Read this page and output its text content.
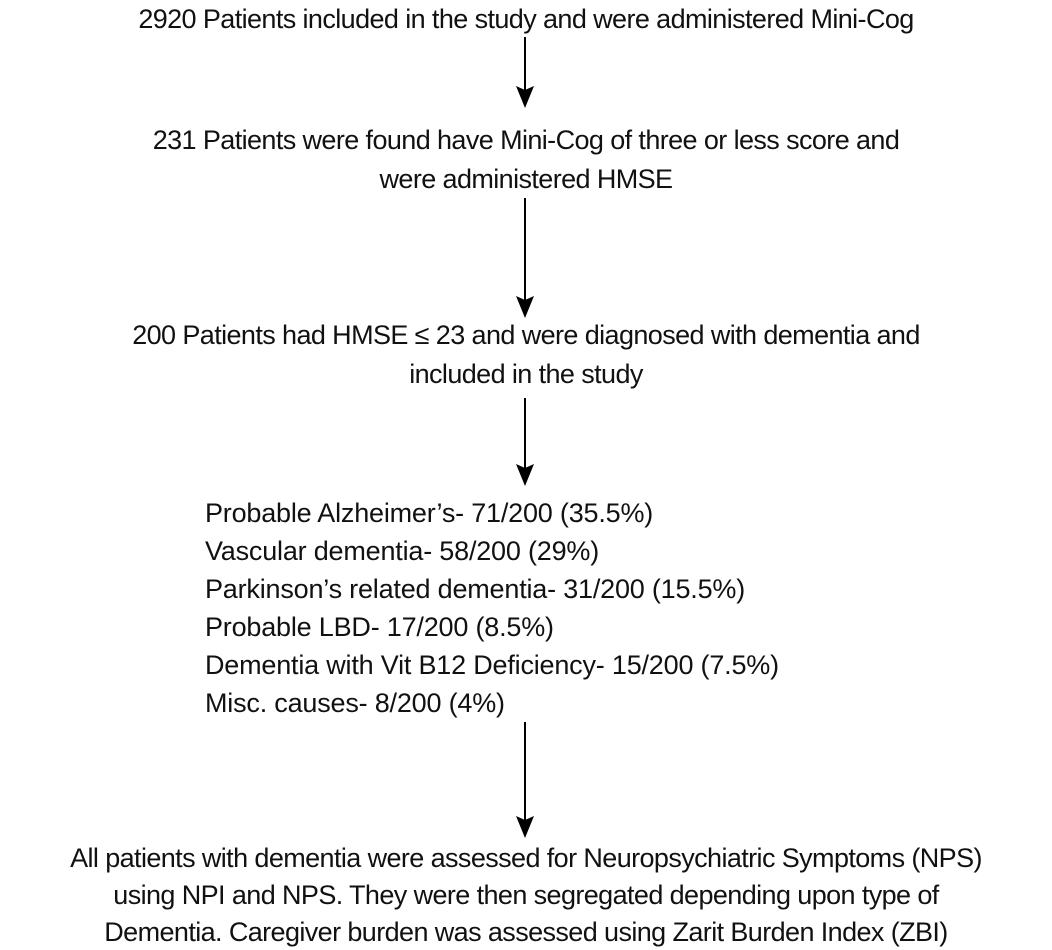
2920 Patients included in the study and were administered Mini-Cog
231 Patients were found have Mini-Cog of three or less score and
were administered HMSE
200 Patients had HMSE ≤ 23 and were diagnosed with dementia and
included in the study
Probable Alzheimer’s- 71/200 (35.5%)
Vascular dementia- 58/200 (29%)
Parkinson’s related dementia- 31/200 (15.5%)
Probable LBD- 17/200 (8.5%)
Dementia with Vit B12 Deficiency- 15/200 (7.5%)
Misc. causes- 8/200 (4%)
All patients with dementia were assessed for Neuropsychiatric Symptoms (NPS)
using NPI and NPS. They were then segregated depending upon type of
Dementia. Caregiver burden was assessed using Zarit Burden Index (ZBI)
